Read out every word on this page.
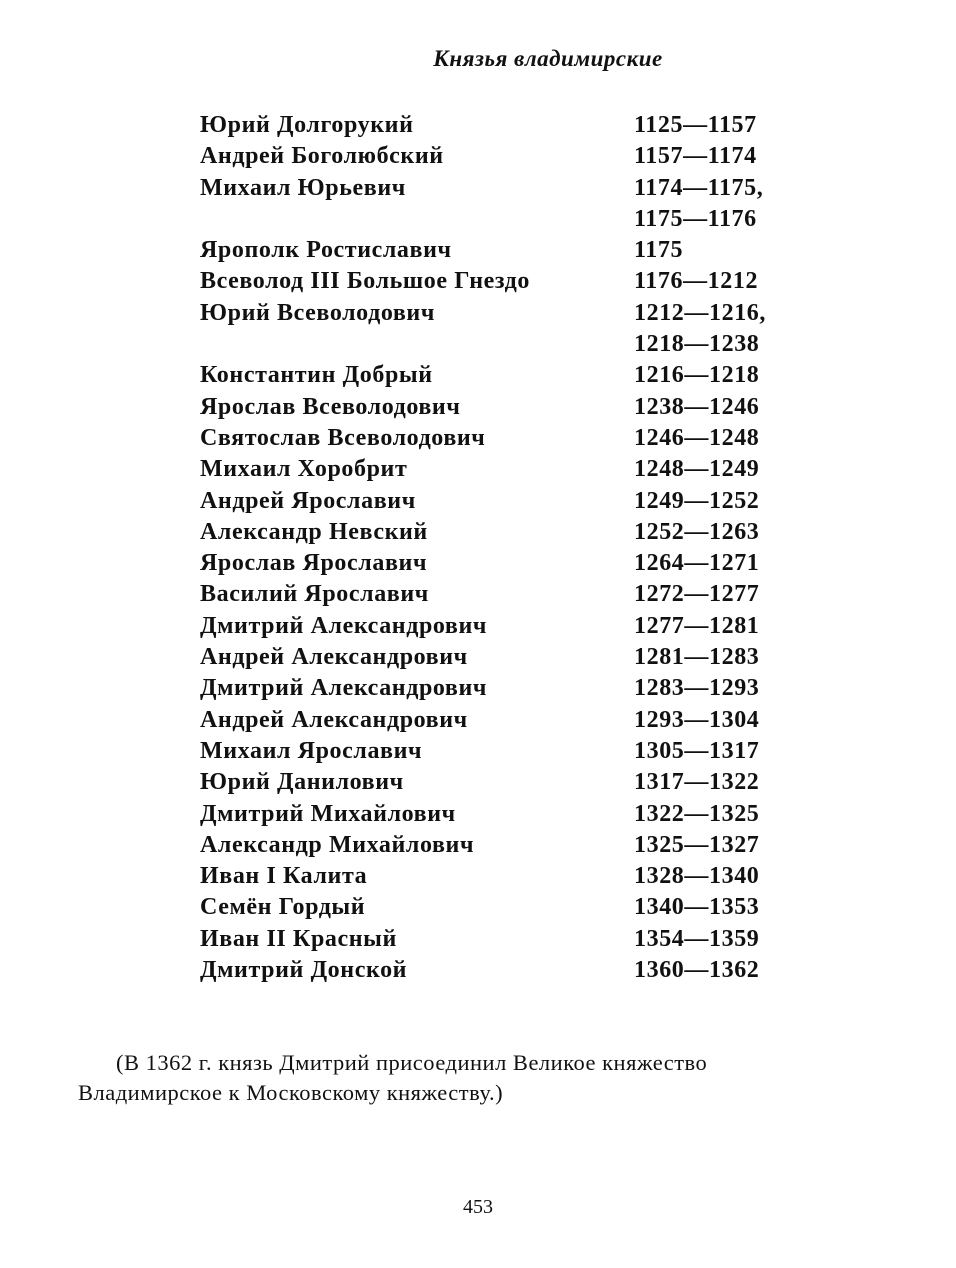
Князья владимирские
Юрий Долгорукий	1125—1157
Андрей Боголюбский	1157—1174
Михаил Юрьевич	1174—1175,
1175—1176
Ярополк Ростиславич	1175
Всеволод III Большое Гнездо	1176—1212
Юрий Всеволодович	1212—1216,
1218—1238
Константин Добрый	1216—1218
Ярослав Всеволодович	1238—1246
Святослав Всеволодович	1246—1248
Михаил Хоробрит	1248—1249
Андрей Ярославич	1249—1252
Александр Невский	1252—1263
Ярослав Ярославич	1264—1271
Василий Ярославич	1272—1277
Дмитрий Александрович	1277—1281
Андрей Александрович	1281—1283
Дмитрий Александрович	1283—1293
Андрей Александрович	1293—1304
Михаил Ярославич	1305—1317
Юрий Данилович	1317—1322
Дмитрий Михайлович	1322—1325
Александр Михайлович	1325—1327
Иван I Калита	1328—1340
Семён Гордый	1340—1353
Иван II Красный	1354—1359
Дмитрий Донской	1360—1362
(В 1362 г. князь Дмитрий присоединил Великое княжество
Владимирское к Московскому княжеству.)
453
